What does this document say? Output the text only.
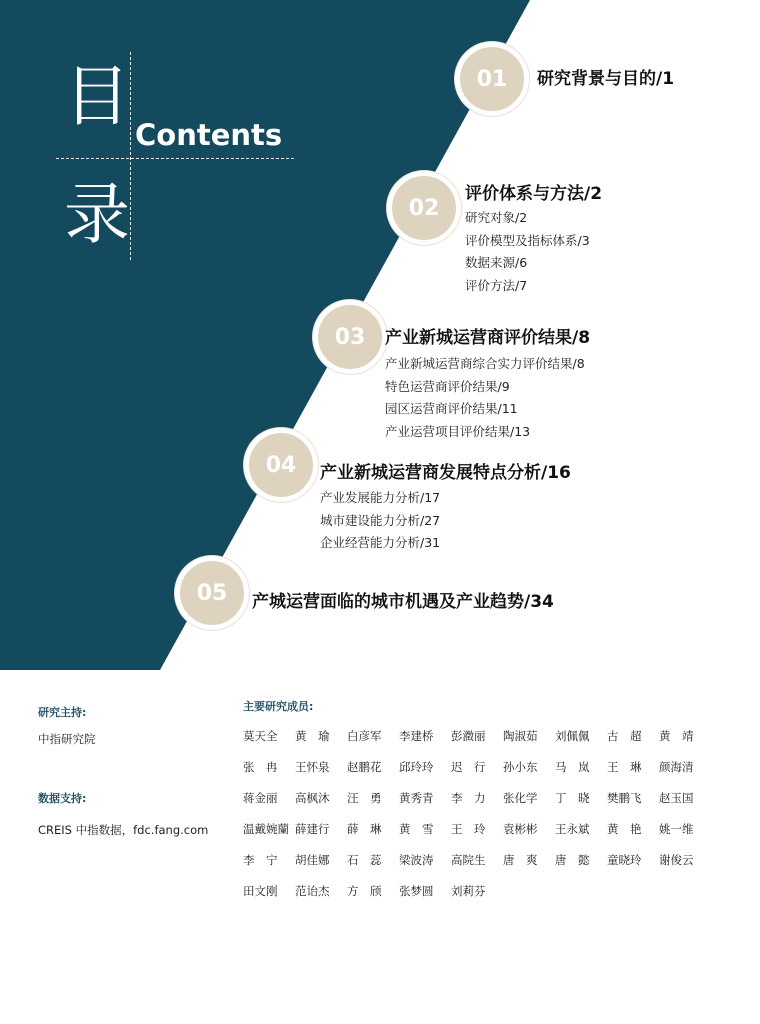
目
录
Contents
01	研究背景与目的/1
02
评价体系与方法/2
研究对象/2
评价模型及指标体系/3
数据来源/6
评价方法/7
03	产业新城运营商评价结果/8
产业新城运营商综合实力评价结果/8
特色运营商评价结果/9
园区运营商评价结果/11
产业运营项目评价结果/13
04	产业新城运营商发展特点分析/16
产业发展能力分析/17
城市建设能力分析/27
企业经营能力分析/31
05	产城运营面临的城市机遇及产业趋势/34
研究主持:
中指研究院
数据支持:
CREIS 中指数据，fdc.fang.com
主要研究成员:
莫天全	黄　瑜	白彦军	李建桥	彭瀓丽	陶淑茹	刘佩佩	古　超	黄　靖
张　冉	王怀泉	赵鹏花	邱玲玲	迟　行	孙小东	马　岚	王　琳	颜海清
蒋金丽	高枫沐	汪　勇	黄秀青	李　力	张化学	丁　晓	樊鹏飞	赵玉国
温戴婉蘭 薛建行	薛　琳	黄　雪	王　玲	袁彬彬	王永斌	黄　艳	姚一维
李　宁	胡佳娜	石　蕊	梁波涛	高院生	唐　爽	唐　懿	童晓玲	谢俊云
田文刚	范诒杰	方　颀	张梦圆	刘莉芬
